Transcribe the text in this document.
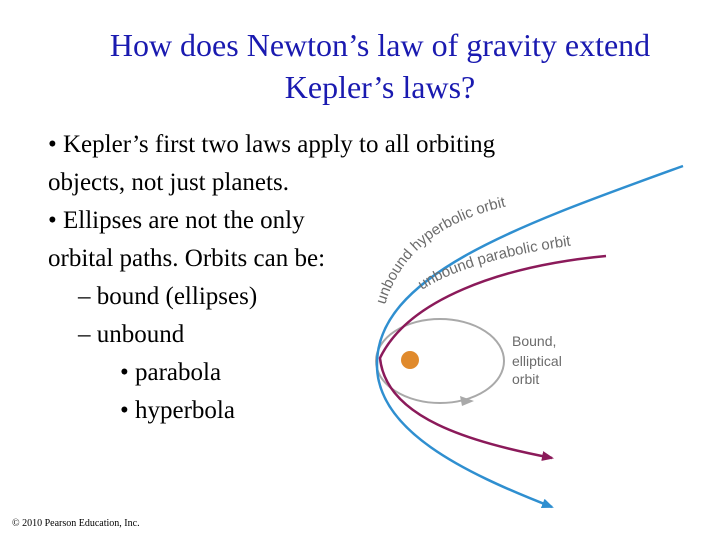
unbound hyperbolic orbit
unbound parabolic orbit
Bound, elliptical orbit
How does Newton’s law of gravity extend
Kepler’s laws?
• Kepler’s first two laws apply to all orbiting
objects, not just planets.
• Ellipses are not the only
orbital paths. Orbits can be:
– bound (ellipses)
– unbound
• parabola
• hyperbola
© 2010 Pearson Education, Inc.
